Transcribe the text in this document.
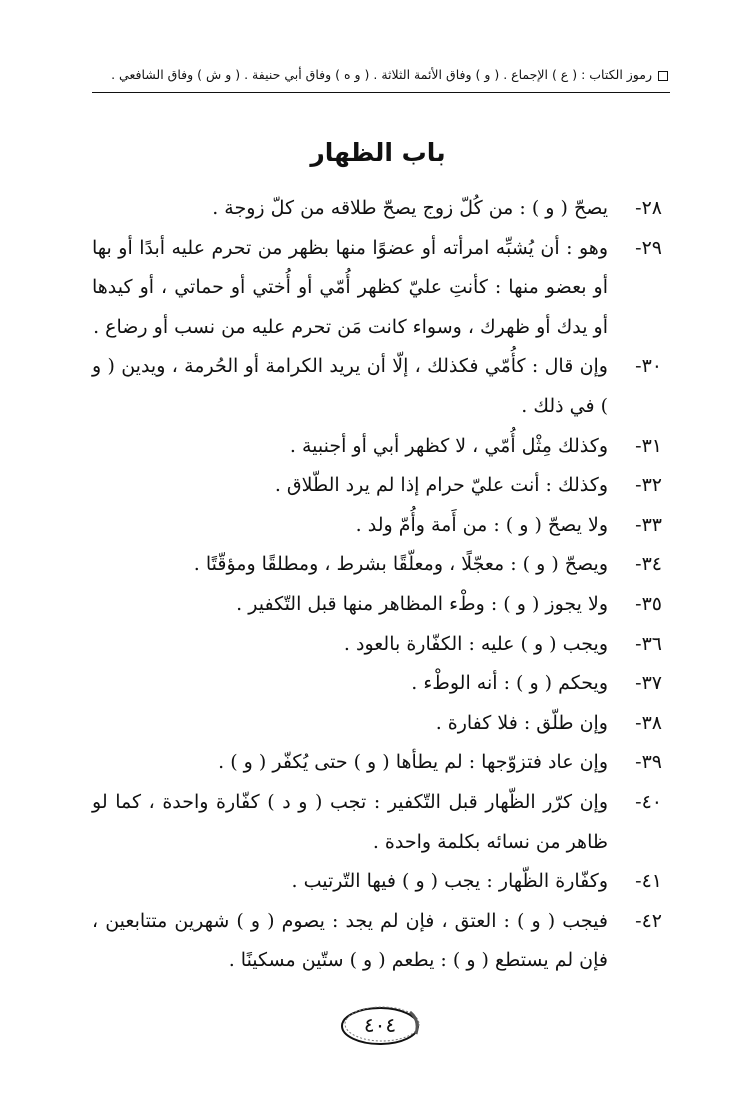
رموز الكتاب : ( ع ) الإجماع . ( و ) وفاق الأئمة الثلاثة . ( و ه ) وفاق أبي حنيفة . ( و ش ) وفاق الشافعي .
باب الظهار

٢٨-يصحّ ( و ) : من كُلّ زوج يصحّ طلاقه من كلّ زوجة .

٢٩-وهو : أن يُشبِّه امرأته أو عضوًا منها بظهر من تحرم عليه أبدًا أو بها أو بعضو منها : كأنتِ عليّ كظهر أُمّي أو أُختي أو حماتي ، أو كيدها أو يدك أو ظهرك ، وسواء كانت مَن تحرم عليه من نسب أو رضاع .

٣٠-وإن قال : كأُمّي فكذلك ، إلّا أن يريد الكرامة أو الحُرمة ، ويدين ( و ) في ذلك .

٣١-وكذلك مِثْل أُمّي ، لا كظهر أبي أو أجنبية .

٣٢-وكذلك : أنت عليّ حرام إذا لم يرد الطّلاق .

٣٣-ولا يصحّ ( و ) : من أَمة وأُمّ ولد .

٣٤-ويصحّ ( و ) : معجّلًا ، ومعلّقًا بشرط ، ومطلقًا ومؤقّتًا .

٣٥-ولا يجوز ( و ) : وطْء المظاهر منها قبل التّكفير .

٣٦-ويجب ( و ) عليه : الكفّارة بالعود .

٣٧-ويحكم ( و ) : أنه الوطْء .

٣٨-وإن طلّق : فلا كفارة .

٣٩-وإن عاد فتزوّجها : لم يطأها ( و ) حتى يُكفّر ( و ) .

٤٠-وإن كرّر الظّهار قبل التّكفير : تجب ( و د ) كفّارة واحدة ، كما لو ظاهر من نسائه بكلمة واحدة .

٤١-وكفّارة الظّهار : يجب ( و ) فيها التّرتيب .

٤٢-فيجب ( و ) : العتق ، فإن لم يجد : يصوم ( و ) شهرين متتابعين ، فإن لم يستطع ( و ) : يطعم ( و ) ستّين مسكينًا .

٤٠٤
